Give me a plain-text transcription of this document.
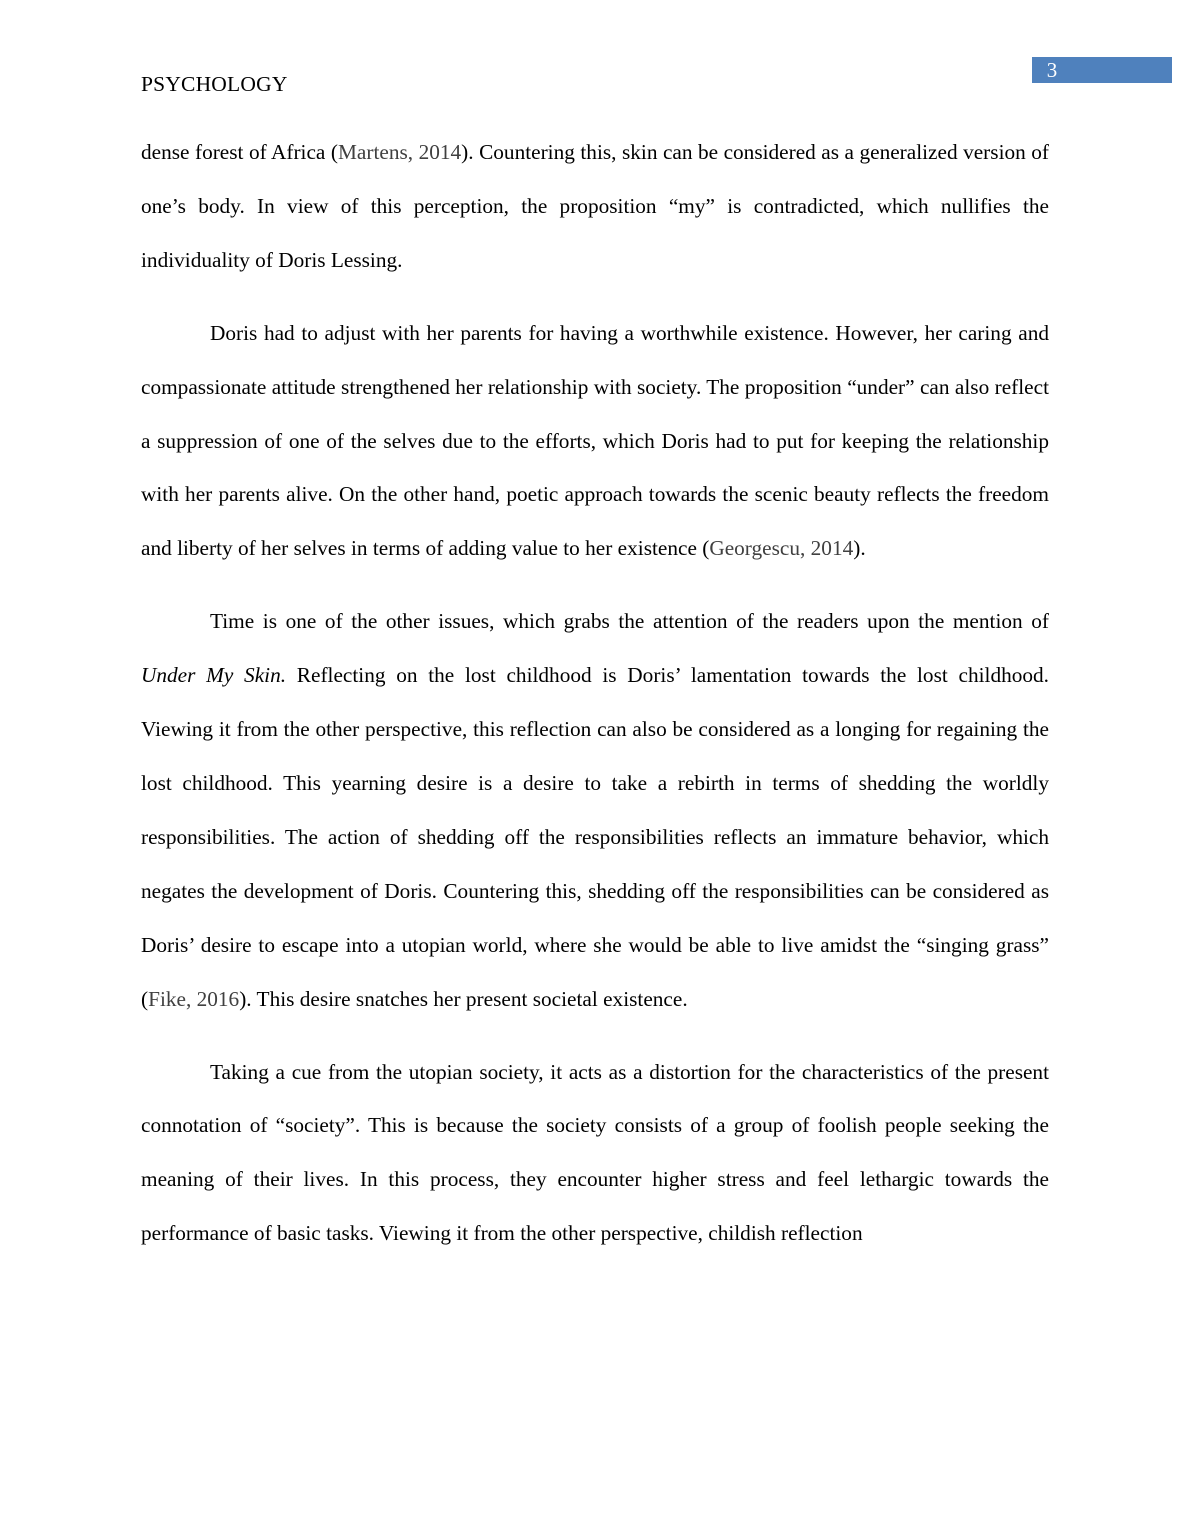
3
PSYCHOLOGY

dense forest of Africa (Martens, 2014). Countering this, skin can be considered as a generalized version of one’s body. In view of this perception, the proposition “my” is contradicted, which nullifies the individuality of Doris Lessing.

Doris had to adjust with her parents for having a worthwhile existence. However, her caring and compassionate attitude strengthened her relationship with society. The proposition “under” can also reflect a suppression of one of the selves due to the efforts, which Doris had to put for keeping the relationship with her parents alive. On the other hand, poetic approach towards the scenic beauty reflects the freedom and liberty of her selves in terms of adding value to her existence (Georgescu, 2014).

Time is one of the other issues, which grabs the attention of the readers upon the mention of Under My Skin. Reflecting on the lost childhood is Doris’ lamentation towards the lost childhood. Viewing it from the other perspective, this reflection can also be considered as a longing for regaining the lost childhood. This yearning desire is a desire to take a rebirth in terms of shedding the worldly responsibilities. The action of shedding off the responsibilities reflects an immature behavior, which negates the development of Doris. Countering this, shedding off the responsibilities can be considered as Doris’ desire to escape into a utopian world, where she would be able to live amidst the “singing grass” (Fike, 2016). This desire snatches her present societal existence.

Taking a cue from the utopian society, it acts as a distortion for the characteristics of the present connotation of “society”. This is because the society consists of a group of foolish people seeking the meaning of their lives. In this process, they encounter higher stress and feel lethargic towards the performance of basic tasks. Viewing it from the other perspective, childish reflection
